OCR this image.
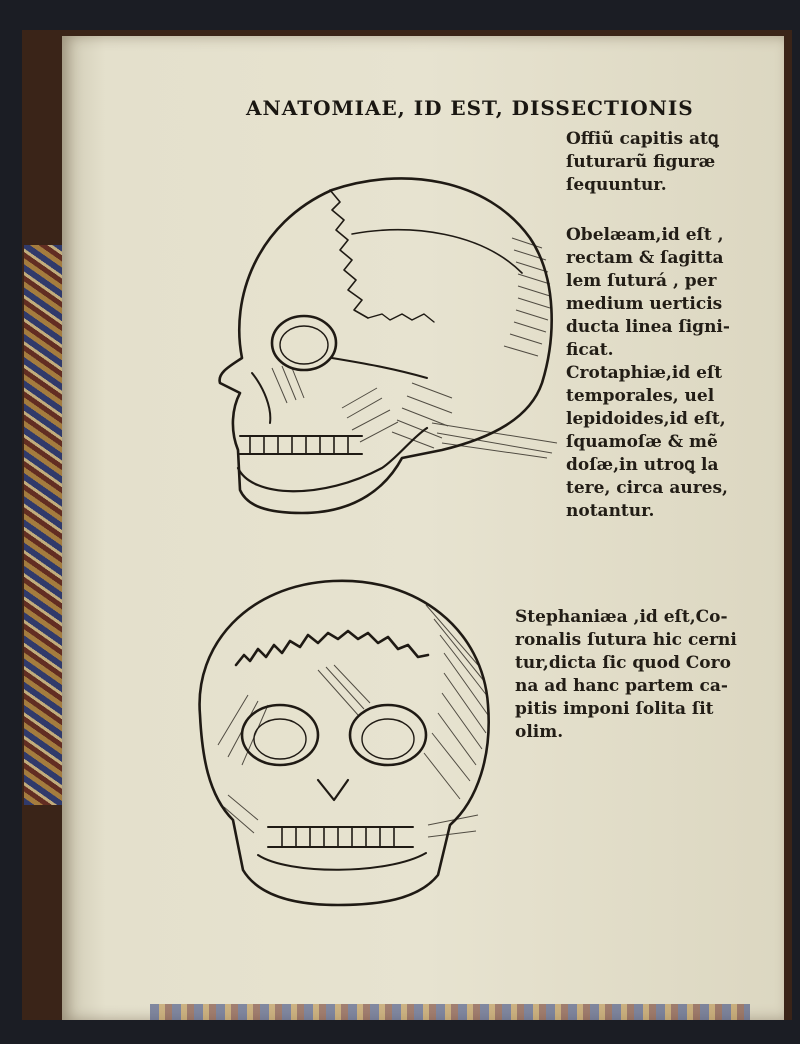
ANATOMIAE, ID EST, DISSECTIONIS

Offiũ capitis atꝗ

ſuturarũ figuræ

ſequuntur.

Obelæam,id eſt ,

rectam & ſagitta

lem ſuturá , per

medium uerticis

ducta linea ſigni-

ficat.

Crotaphiæ,id eſt

temporales, uel

lepidoides,id eſt,

ſquamoſæ & mẽ

doſæ,in utroꝗ la

tere, circa aures,

notantur.

Stephaniæa ,id eſt,Co-

ronalis ſutura hic cerni

tur,dicta ſic quod Coro

na ad hanc partem ca-

pitis imponi ſolita ſit

olim.
